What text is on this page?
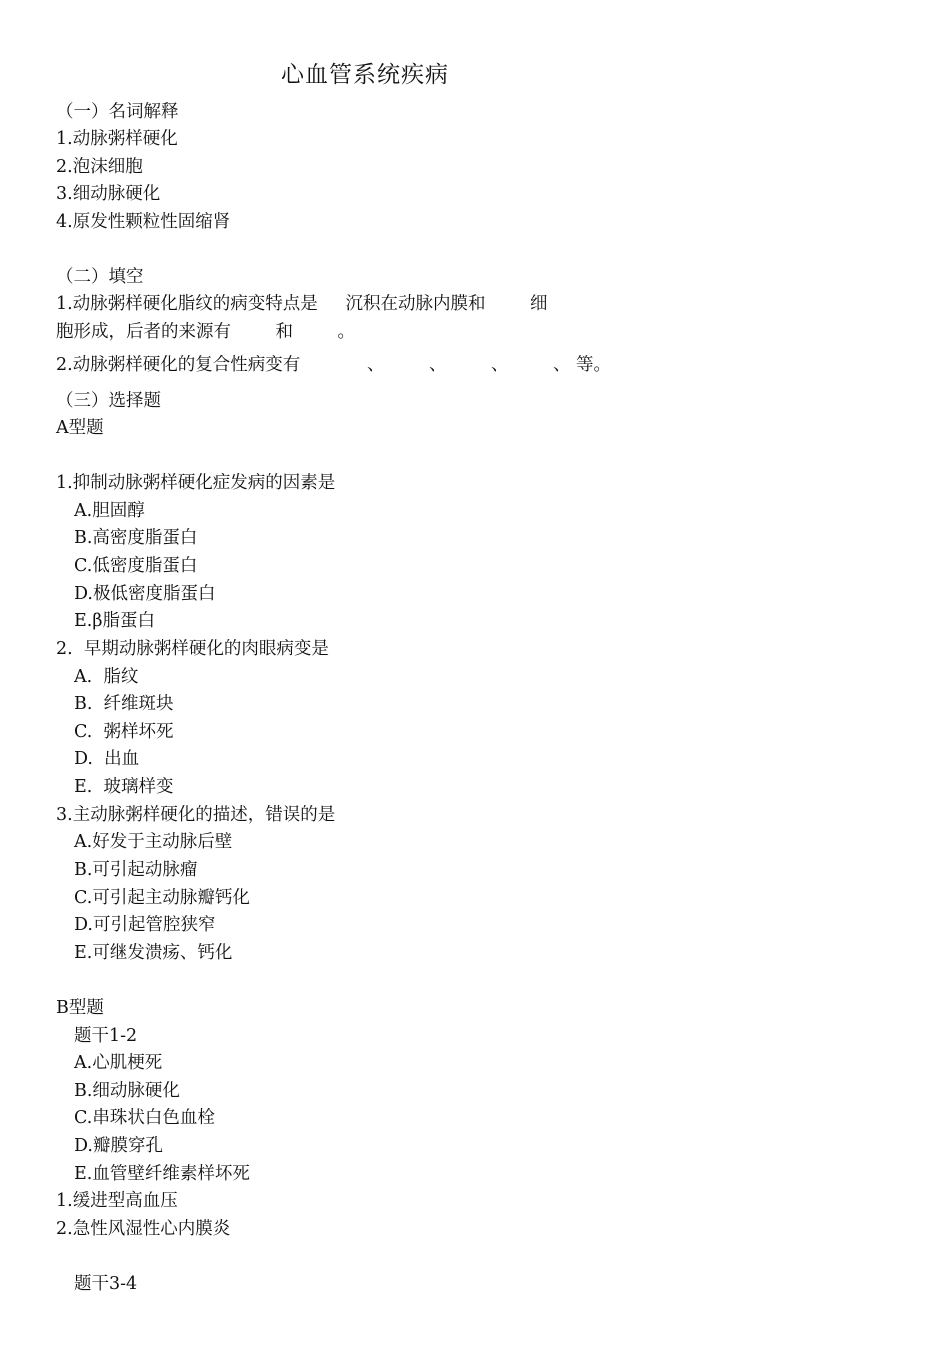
心血管系统疾病
（一）名词解释
1.动脉粥样硬化
2.泡沫细胞
3.细动脉硬化
4.原发性颗粒性固缩肾
（二）填空
1.动脉粥样硬化脂纹的病变特点是     沉积在动脉内膜和        细
胞形成，后者的来源有        和        。
2.动脉粥样硬化的复合性病变有            、        、        、        、 等。
（三）选择题
A型题
1.抑制动脉粥样硬化症发病的因素是
A.胆固醇
B.高密度脂蛋白
C.低密度脂蛋白
D.极低密度脂蛋白
E.β脂蛋白
2.  早期动脉粥样硬化的肉眼病变是
A.  脂纹
B.  纤维斑块
C.  粥样坏死
D.  出血
E.  玻璃样变
3.主动脉粥样硬化的描述，错误的是
A.好发于主动脉后壁
B.可引起动脉瘤
C.可引起主动脉瓣钙化
D.可引起管腔狭窄
E.可继发溃疡、钙化
B型题
题干1-2
A.心肌梗死
B.细动脉硬化
C.串珠状白色血栓
D.瓣膜穿孔
E.血管壁纤维素样坏死
1.缓进型高血压
2.急性风湿性心内膜炎
题干3-4
